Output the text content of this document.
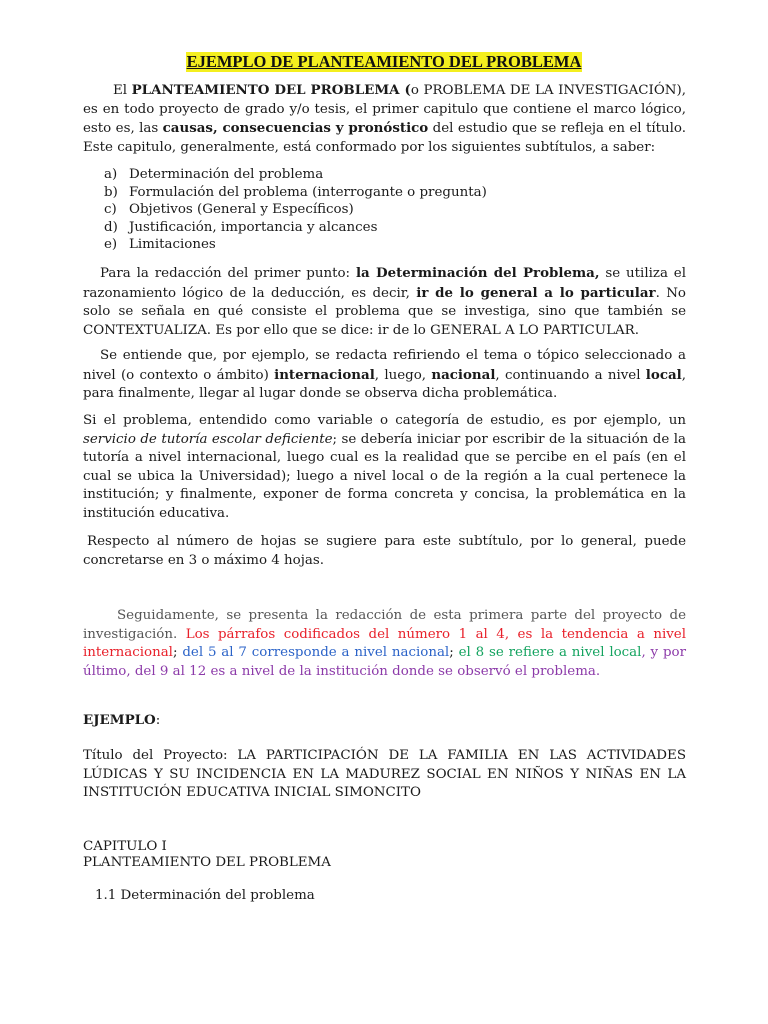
EJEMPLO DE PLANTEAMIENTO DEL PROBLEMA

El PLANTEAMIENTO DEL PROBLEMA (o PROBLEMA DE LA INVESTIGACIÓN), es en todo proyecto de grado y/o tesis, el primer capitulo que contiene el marco lógico, esto es, las causas, consecuencias y pronóstico del estudio que se refleja en el título. Este capitulo, generalmente, está conformado por los siguientes subtítulos, a saber:

a) Determinación del problema
b) Formulación del problema (interrogante o pregunta)
c) Objetivos (General y Específicos)
d) Justificación, importancia y alcances
e) Limitaciones

Para la redacción del primer punto: la Determinación del Problema, se utiliza el razonamiento lógico de la deducción, es decir, ir de lo general a lo particular. No solo se señala en qué consiste el problema que se investiga, sino que también se CONTEXTUALIZA. Es por ello que se dice: ir de lo GENERAL A LO PARTICULAR.

Se entiende que, por ejemplo, se redacta refiriendo el tema o tópico seleccionado a nivel (o contexto o ámbito) internacional, luego, nacional, continuando a nivel local, para finalmente, llegar al lugar donde se observa dicha problemática.

Si el problema, entendido como variable o categoría de estudio, es por ejemplo, un servicio de tutoría escolar deficiente; se debería iniciar por escribir de la situación de la tutoría a nivel internacional, luego cual es la realidad que se percibe en el país (en el cual se ubica la Universidad); luego a nivel local o de la región a la cual pertenece la institución; y finalmente, exponer de forma concreta y concisa, la problemática en la institución educativa.

Respecto al número de hojas se sugiere para este subtítulo, por lo general, puede concretarse en 3 o máximo 4 hojas.

Seguidamente, se presenta la redacción de esta primera parte del proyecto de investigación. Los párrafos codificados del número 1 al 4, es la tendencia a nivel internacional; del 5 al 7 corresponde a nivel nacional; el 8 se refiere a nivel local, y por último, del 9 al 12 es a nivel de la institución donde se observó el problema.

EJEMPLO:

Título del Proyecto: LA PARTICIPACIÓN DE LA FAMILIA EN LAS ACTIVIDADES LÚDICAS Y SU INCIDENCIA EN LA MADUREZ SOCIAL EN NIÑOS Y NIÑAS EN LA INSTITUCIÓN EDUCATIVA INICIAL SIMONCITO

CAPITULO I

PLANTEAMIENTO DEL PROBLEMA

1.1 Determinación del problema
